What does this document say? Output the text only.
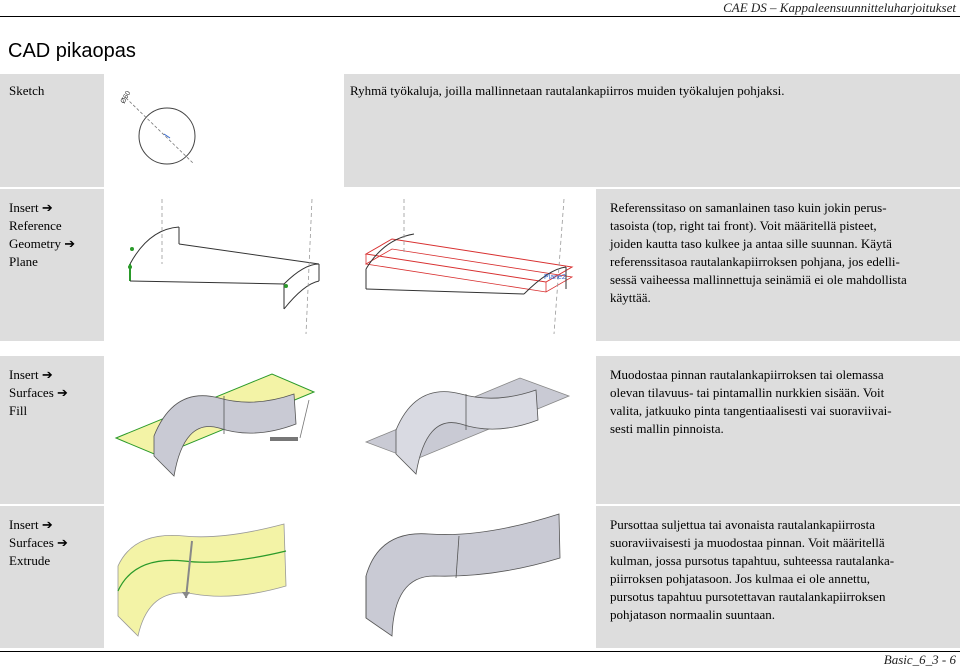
CAE DS – Kappaleensuunnitteluharjoitukset
CAD pikaopas
Sketch	Ø60	Ryhmä työkaluja, joilla mallinnetaan rautalankapiirros muiden työkalujen pohjaksi.
Insert ➔
Reference
Geometry ➔
Plane
Plane2
Referenssitaso on samanlainen taso kuin jokin perus-
tasoista (top, right tai front). Voit määritellä pisteet,
joiden kautta taso kulkee ja antaa sille suunnan. Käytä
referenssitasoa rautalankapiirroksen pohjana, jos edelli-
sessä vaiheessa mallinnettuja seinämiä ei ole mahdollista
käyttää.
Insert ➔
Surfaces ➔
Fill
Muodostaa pinnan rautalankapiirroksen tai olemassa
olevan tilavuus- tai pintamallin nurkkien sisään. Voit
valita, jatkuuko pinta tangentiaalisesti vai suoraviivai-
sesti mallin pinnoista.
Insert ➔
Surfaces ➔
Extrude
Pursottaa suljettua tai avonaista rautalankapiirrosta
suoraviivaisesti ja muodostaa pinnan. Voit määritellä
kulman, jossa pursotus tapahtuu, suhteessa rautalanka-
piirroksen pohjatasoon. Jos kulmaa ei ole annettu,
pursotus tapahtuu pursotettavan rautalankapiirroksen
pohjatason normaalin suuntaan.
Basic_6_3 - 6
